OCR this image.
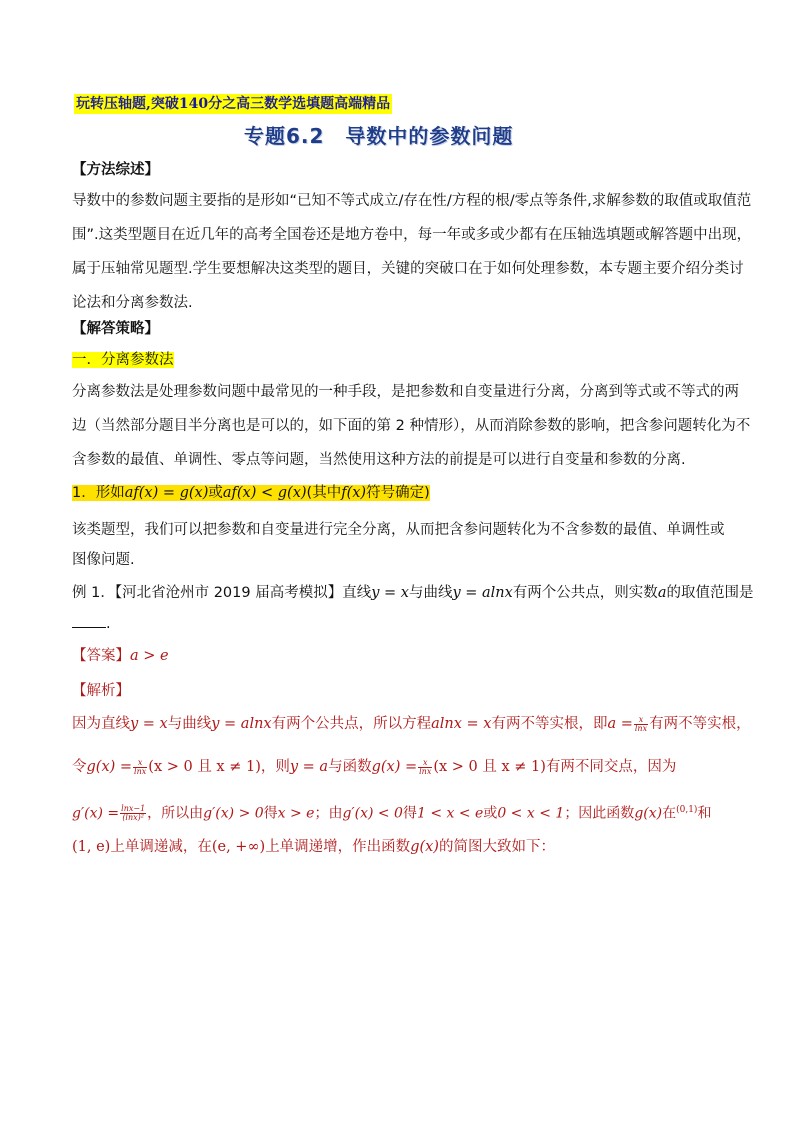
玩转压轴题,突破140分之高三数学选填题高端精品
专题6.2　导数中的参数问题
【方法综述】
导数中的参数问题主要指的是形如“已知不等式成立/存在性/方程的根/零点等条件,求解参数的取值或取值范
围”.这类型题目在近几年的高考全国卷还是地方卷中，每一年或多或少都有在压轴选填题或解答题中出现，
属于压轴常见题型.学生要想解决这类型的题目，关键的突破口在于如何处理参数，本专题主要介绍分类讨
论法和分离参数法.
【解答策略】
一．分离参数法
分离参数法是处理参数问题中最常见的一种手段，是把参数和自变量进行分离，分离到等式或不等式的两
边（当然部分题目半分离也是可以的，如下面的第 2 种情形），从而消除参数的影响，把含参问题转化为不
含参数的最值、单调性、零点等问题，当然使用这种方法的前提是可以进行自变量和参数的分离.
1．形如af(x) = g(x)或af(x) < g(x)(其中f(x)符号确定)
该类题型，我们可以把参数和自变量进行完全分离，从而把含参问题转化为不含参数的最值、单调性或
图像问题.
例 1．【河北省沧州市 2019 届高考模拟】直线y = x与曲线y = alnx有两个公共点，则实数a的取值范围是
.
【答案】a > e
【解析】
因为直线y = x与曲线y = alnx有两个公共点，所以方程alnx = x有两不等实根，即$a = \frac{x}{\ln x}$ 有两不等实根，
令$g(x) = \frac{x}{\ln x} (x > 0$ 且 x ≠ 1)，则y = a与函数$g(x) = \frac{x}{\ln x} (x > 0$ 且 x ≠ 1)有两不同交点，因为
$g'(x) = \frac{\ln x-1}{\text{(lnx)²}}$ ，所以由g′(x) > 0得x > e；由g′(x) < 0得1 < x < e或0 < x < 1；因此函数g(x)在$^{(0,1)}$和
(1, e)上单调递减，在(e, +∞)上单调递增，作出函数g(x)的简图大致如下：
